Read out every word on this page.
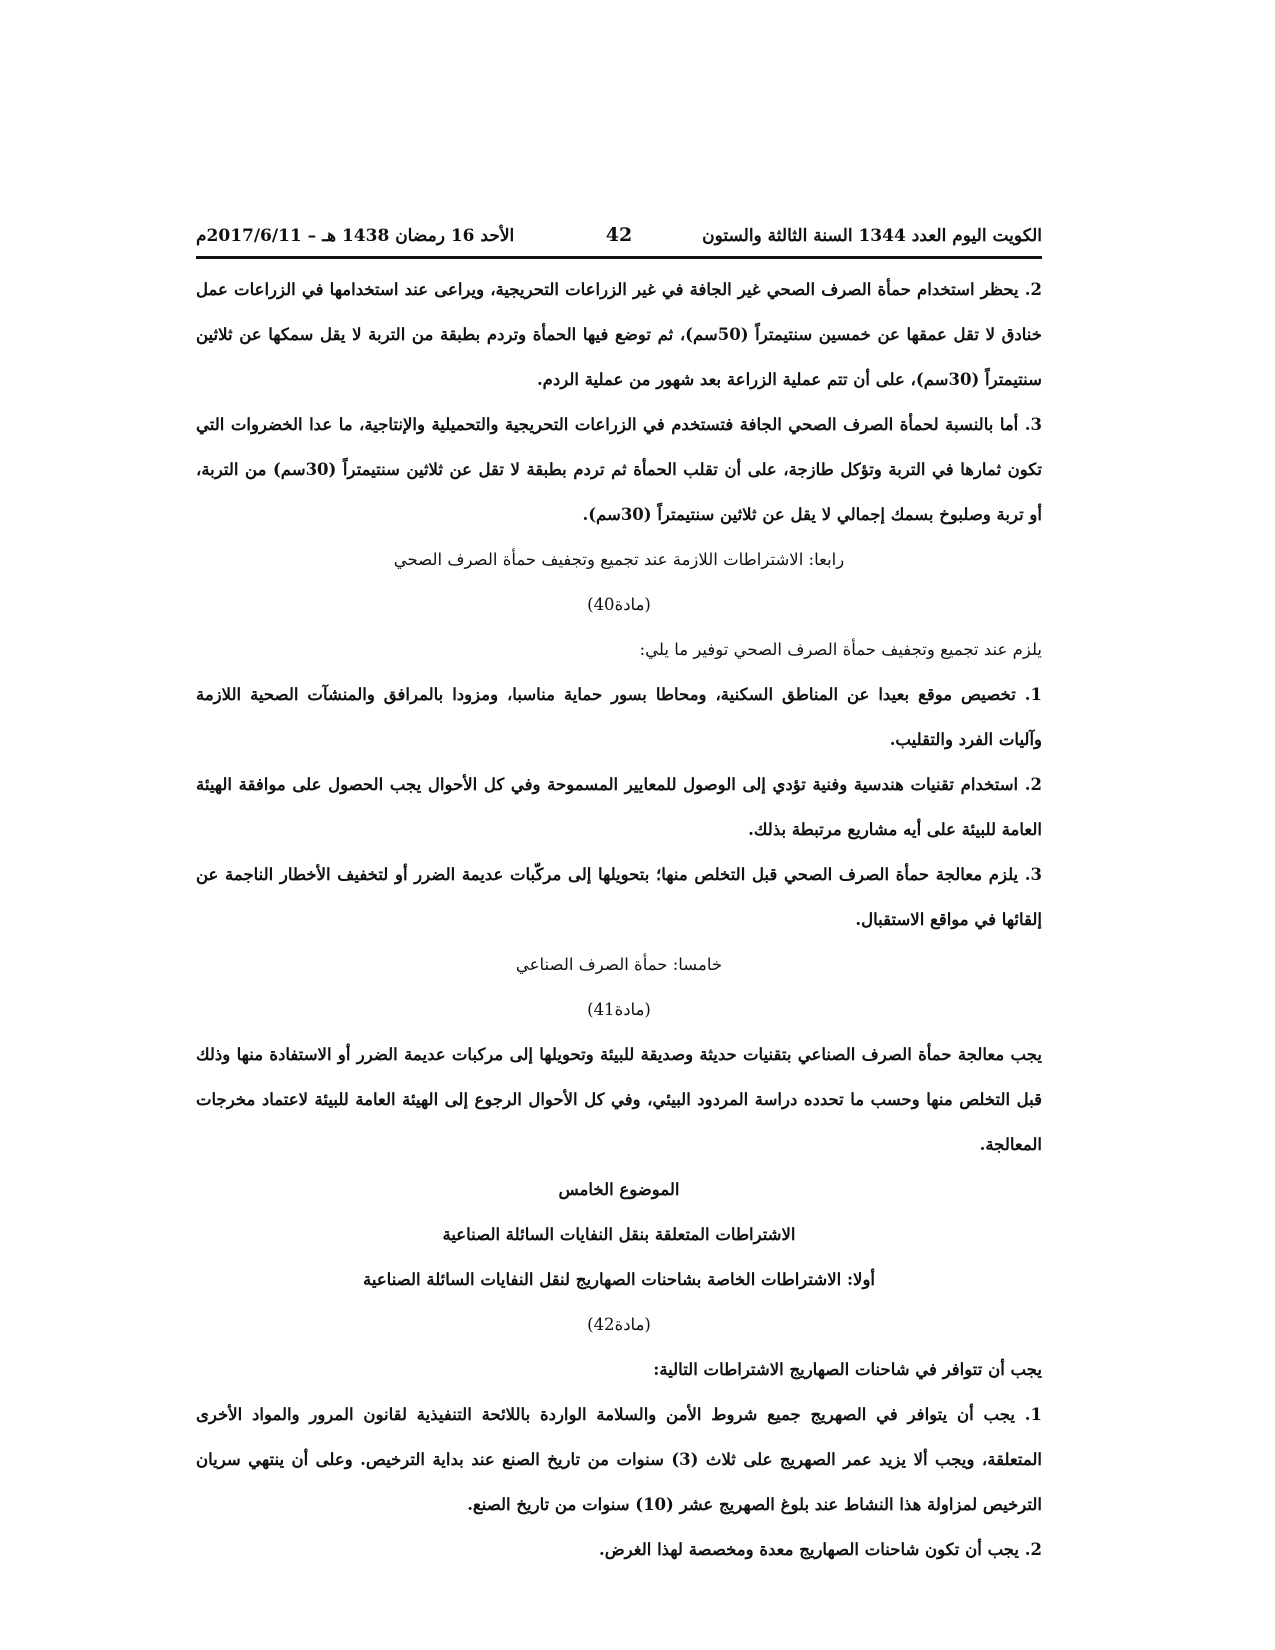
الكويت اليوم العدد 1344 السنة الثالثة والستون
42
الأحد 16 رمضان 1438 هـ – 2017/6/11م

2. يحظر استخدام حمأة الصرف الصحي غير الجافة في غير الزراعات التحريجية، ويراعى عند استخدامها في الزراعات عمل خنادق لا تقل عمقها عن خمسين سنتيمتراً (50سم)، ثم توضع فيها الحمأة وتردم بطبقة من التربة لا يقل سمكها عن ثلاثين سنتيمتراً (30سم)، على أن تتم عملية الزراعة بعد شهور من عملية الردم.

3. أما بالنسبة لحمأة الصرف الصحي الجافة فتستخدم في الزراعات التحريجية والتحميلية والإنتاجية، ما عدا الخضروات التي تكون ثمارها في التربة وتؤكل طازجة، على أن تقلب الحمأة ثم تردم بطبقة لا تقل عن ثلاثين سنتيمتراً (30سم) من التربة، أو تربة وصلبوخ بسمك إجمالي لا يقل عن ثلاثين سنتيمتراً (30سم).

رابعا: الاشتراطات اللازمة عند تجميع وتجفيف حمأة الصرف الصحي

(مادة40)

يلزم عند تجميع وتجفيف حمأة الصرف الصحي توفير ما يلي:

1. تخصيص موقع بعيدا عن المناطق السكنية، ومحاطا بسور حماية مناسبا، ومزودا بالمرافق والمنشآت الصحية اللازمة وآليات الفرد والتقليب.

2. استخدام تقنيات هندسية وفنية تؤدي إلى الوصول للمعايير المسموحة وفي كل الأحوال يجب الحصول على موافقة الهيئة العامة للبيئة على أيه مشاريع مرتبطة بذلك.

3. يلزم معالجة حمأة الصرف الصحي قبل التخلص منها؛ بتحويلها إلى مركّبات عديمة الضرر أو لتخفيف الأخطار الناجمة عن إلقائها في مواقع الاستقبال.

خامسا: حمأة الصرف الصناعي

(مادة41)

يجب معالجة حمأة الصرف الصناعي بتقنيات حديثة وصديقة للبيئة وتحويلها إلى مركبات عديمة الضرر أو الاستفادة منها وذلك قبل التخلص منها وحسب ما تحدده دراسة المردود البيئي، وفي كل الأحوال الرجوع إلى الهيئة العامة للبيئة لاعتماد مخرجات المعالجة.

الموضوع الخامس

الاشتراطات المتعلقة بنقل النفايات السائلة الصناعية

أولا: الاشتراطات الخاصة بشاحنات الصهاريج لنقل النفايات السائلة الصناعية

(مادة42)

يجب أن تتوافر في شاحنات الصهاريج الاشتراطات التالية:

1. يجب أن يتوافر في الصهريج جميع شروط الأمن والسلامة الواردة باللائحة التنفيذية لقانون المرور والمواد الأخرى المتعلقة، ويجب ألا يزيد عمر الصهريج على ثلاث (3) سنوات من تاريخ الصنع عند بداية الترخيص. وعلى أن ينتهي سريان الترخيص لمزاولة هذا النشاط عند بلوغ الصهريج عشر (10) سنوات من تاريخ الصنع.

2. يجب أن تكون شاحنات الصهاريج معدة ومخصصة لهذا الغرض.
